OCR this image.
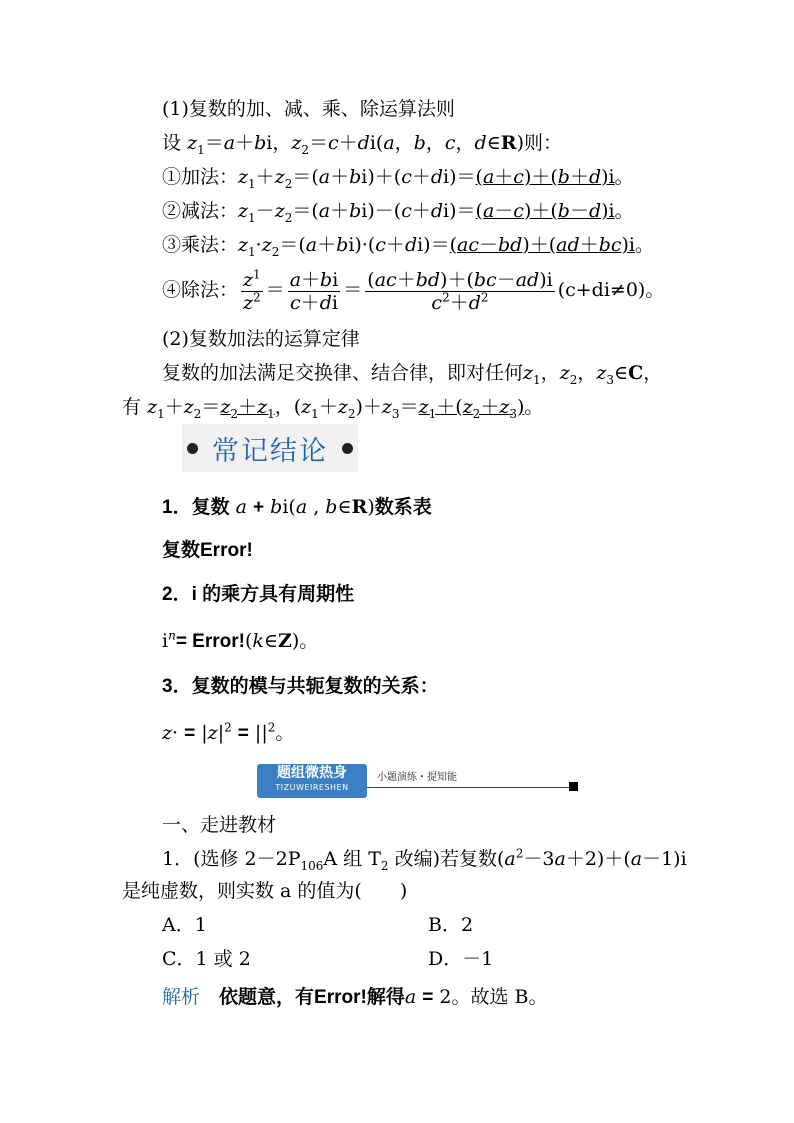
(1)复数的加、减、乘、除运算法则
设 $z_1=a+bi$，$z_2=c+di(a$，b，c，d∈R)则：
①加法：$z_1+z_2=(a+bi)+(c+di)=(a+c)+(b+d)i$。
②减法：$z_1-z_2=(a+bi)-(c+di)=(a-c)+(b-d)i$。
③乘法：$z_1\cdot z_2=(a+bi)\cdot(c+di)=(ac-bd)+(ad+bc)i$。
④除法： $\frac{z^1}{z^2} = \frac{a+bi}{c+di} = \frac{(ac+bd)+(bc-ad)i}{c^2+d^2} (c+di\ne 0)$。
(2)复数加法的运算定律
复数的加法满足交换律、结合律，即对任何$z_1$，$z_2$，$z_3\in C$，
有 $z_1+z_2=z_2+z_1$，$(z_1+z_2)+z_3=z_1+(z_2+z_3)$。
常记结论
1．复数 a + bi(a , b∈R)数系表
复数Error!
2．i 的乘方具有周期性
$i^n=$ Error!(k∈Z)。
3．复数的模与共轭复数的关系：
$z\cdot = |z|^2 = ||^2$。
题组微热身
TIZUWEIRESHEN
小题演练・提知能
一、走进教材
1．(选修 $2-2P_{106}A$ 组 $T_2$ 改编)若复数$(a^2-3a+2)+(a-1)i$
是纯虚数，则实数 a 的值为(　　)
A．1	B．2
C．1 或 2	D．－1
解析　 依题意，有Error!解得a = 2。故选 B。
